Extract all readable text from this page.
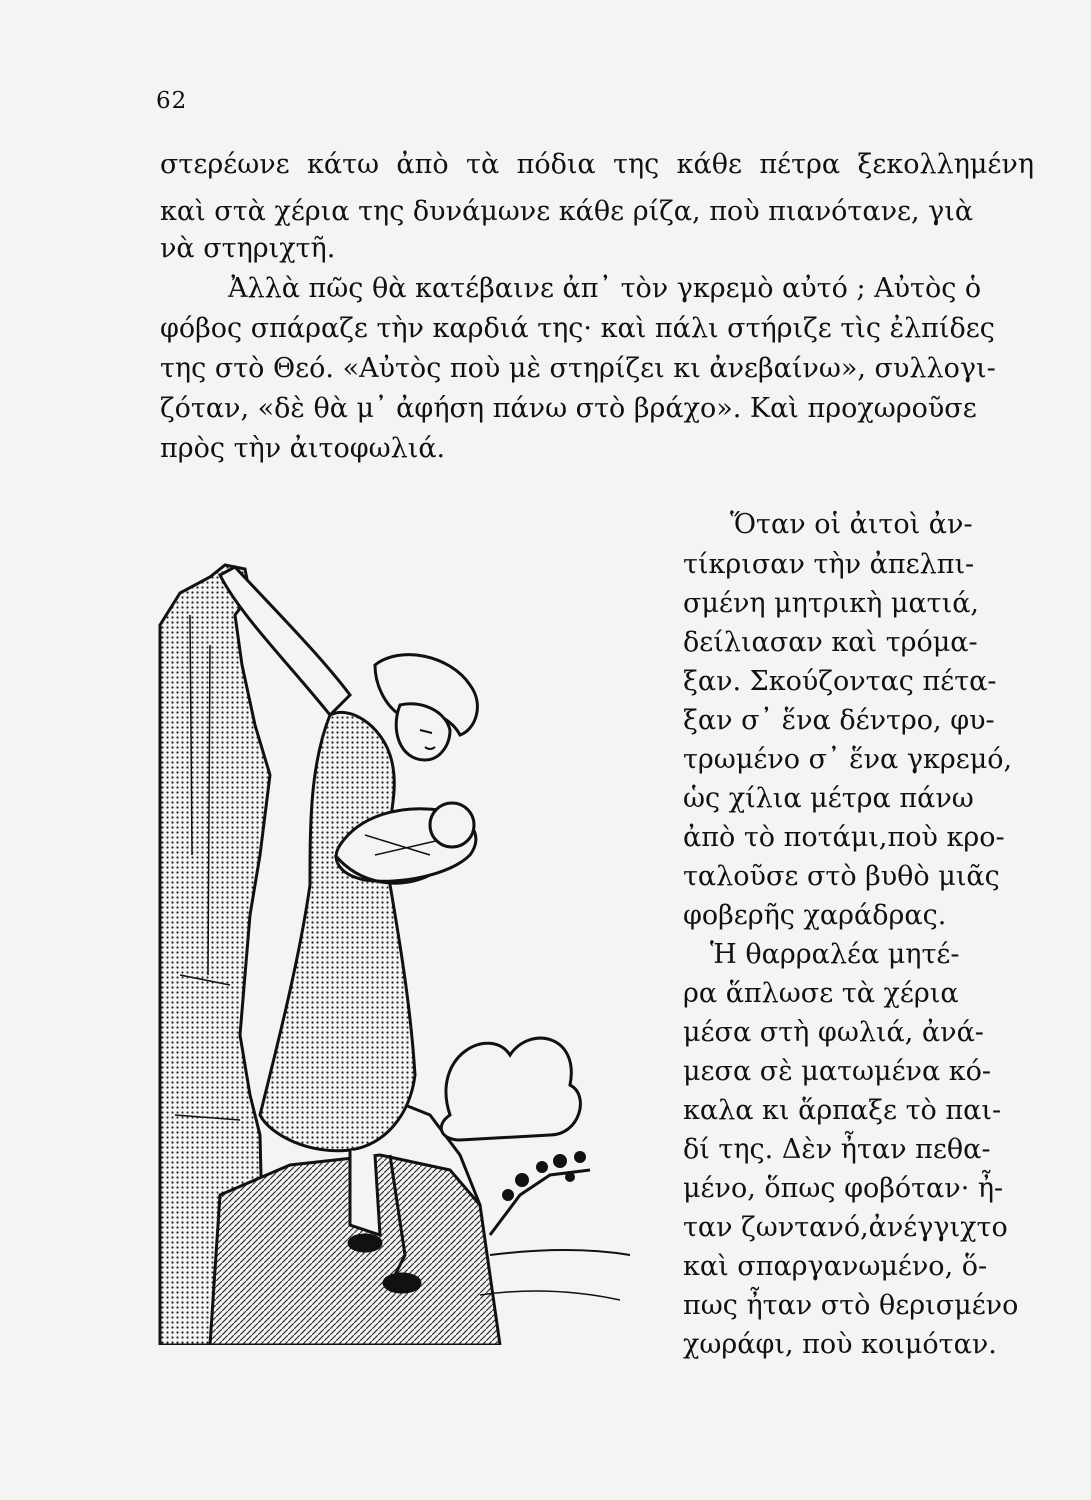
62
στερέωνε κάτω ἀπὸ τὰ πόδια της κάθε πέτρα ξεκολλημένη
καὶ στὰ χέρια της δυνάμωνε κάθε ρίζα, ποὺ πιανότανε, γιὰ
νὰ στηριχτῆ.
Ἀλλὰ πῶς θὰ κατέβαινε ἀπ᾿ τὸν γκρεμὸ αὐτό ; Αὐτὸς ὁ
φόβος σπάραζε τὴν καρδιά της· καὶ πάλι στήριζε τὶς ἐλπίδες
της στὸ Θεό. «Αὐτὸς ποὺ μὲ στηρίζει κι ἀνεβαίνω», συλλογι-
ζόταν, «δὲ θὰ μ᾿ ἀφήση πάνω στὸ βράχο». Καὶ προχωροῦσε
πρὸς τὴν ἀιτοφωλιά.
Ὅταν οἱ ἀιτοὶ ἀν-
τίκρισαν τὴν ἀπελπι-
σμένη μητρικὴ ματιά,
δείλιασαν καὶ τρόμα-
ξαν. Σκούζοντας πέτα-
ξαν σ᾿ ἕνα δέντρο, φυ-
τρωμένο σ᾿ ἕνα γκρεμό,
ὡς χίλια μέτρα πάνω
ἀπὸ τὸ ποτάμι,ποὺ κρο-
ταλοῦσε στὸ βυθὸ μιᾶς
φοβερῆς χαράδρας.
Ἡ θαρραλέα μητέ-
ρα ἅπλωσε τὰ χέρια
μέσα στὴ φωλιά, ἀνά-
μεσα σὲ ματωμένα κό-
καλα κι ἅρπαξε τὸ παι-
δί της. Δὲν ἦταν πεθα-
μένο, ὅπως φοβόταν· ἦ-
ταν ζωντανό,ἀνέγγιχτο
καὶ σπαργανωμένο, ὅ-
πως ἦταν στὸ θερισμένο
χωράφι, ποὺ κοιμόταν.
